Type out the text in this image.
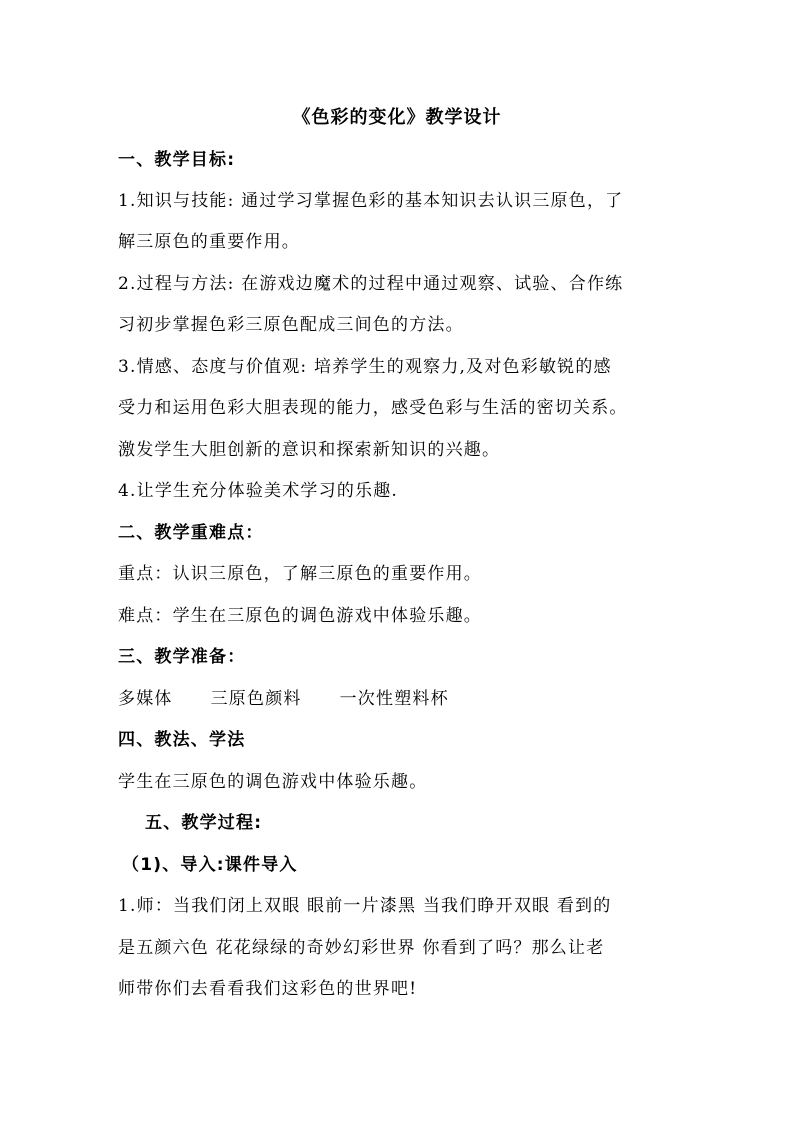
《色彩的变化》教学设计
一、教学目标:
1.知识与技能: 通过学习掌握色彩的基本知识去认识三原色，了
解三原色的重要作用。
2.过程与方法: 在游戏边魔术的过程中通过观察、试验、合作练
习初步掌握色彩三原色配成三间色的方法。
3.情感、态度与价值观: 培养学生的观察力,及对色彩敏锐的感
受力和运用色彩大胆表现的能力，感受色彩与生活的密切关系。
激发学生大胆创新的意识和探索新知识的兴趣。
4.让学生充分体验美术学习的乐趣.
二、教学重难点：
重点：认识三原色，了解三原色的重要作用。
难点：学生在三原色的调色游戏中体验乐趣。
三、教学准备：
多媒体 三原色颜料 一次性塑料杯
四、教法、学法
学生在三原色的调色游戏中体验乐趣。
五、教学过程:
（1)、导入:课件导入
1.师：当我们闭上双眼 眼前一片漆黑 当我们睁开双眼 看到的
是五颜六色 花花绿绿的奇妙幻彩世界 你看到了吗？那么让老
师带你们去看看我们这彩色的世界吧!
